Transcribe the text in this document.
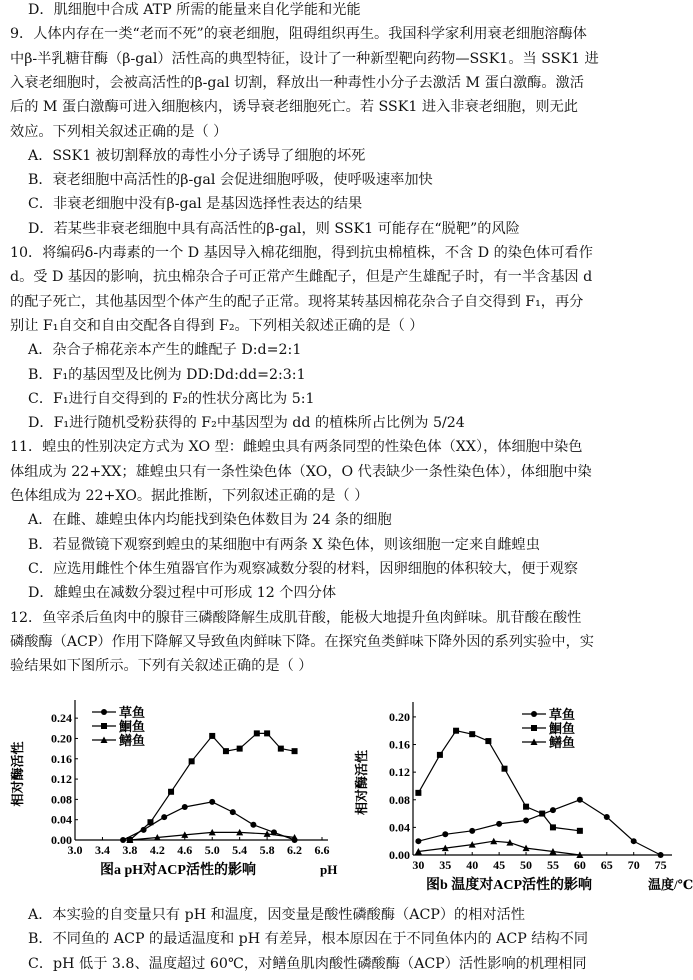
D．肌细胞中合成 ATP 所需的能量来自化学能和光能
9．人体内存在一类“老而不死”的衰老细胞，阻碍组织再生。我国科学家利用衰老细胞溶酶体
中β-半乳糖苷酶（β-gal）活性高的典型特征，设计了一种新型靶向药物—SSK1。当 SSK1 进
入衰老细胞时，会被高活性的β-gal 切割，释放出一种毒性小分子去激活 M 蛋白激酶。激活
后的 M 蛋白激酶可进入细胞核内，诱导衰老细胞死亡。若 SSK1 进入非衰老细胞，则无此
效应。下列相关叙述正确的是（ ）
A．SSK1 被切割释放的毒性小分子诱导了细胞的坏死
B．衰老细胞中高活性的β-gal 会促进细胞呼吸，使呼吸速率加快
C．非衰老细胞中没有β-gal 是基因选择性表达的结果
D．若某些非衰老细胞中具有高活性的β-gal，则 SSK1 可能存在“脱靶”的风险
10．将编码δ-内毒素的一个 D 基因导入棉花细胞，得到抗虫棉植株，不含 D 的染色体可看作
d。受 D 基因的影响，抗虫棉杂合子可正常产生雌配子，但是产生雄配子时，有一半含基因 d
的配子死亡，其他基因型个体产生的配子正常。现将某转基因棉花杂合子自交得到 F₁，再分
别让 F₁自交和自由交配各自得到 F₂。下列相关叙述正确的是（ ）
A．杂合子棉花亲本产生的雌配子 D:d=2:1
B．F₁的基因型及比例为 DD:Dd:dd=2:3:1
C．F₁进行自交得到的 F₂的性状分离比为 5:1
D．F₁进行随机受粉获得的 F₂中基因型为 dd 的植株所占比例为 5/24
11．蝗虫的性别决定方式为 XO 型：雌蝗虫具有两条同型的性染色体（XX），体细胞中染色
体组成为 22+XX；雄蝗虫只有一条性染色体（XO，O 代表缺少一条性染色体），体细胞中染
色体组成为 22+XO。据此推断，下列叙述正确的是（ ）
A．在雌、雄蝗虫体内均能找到染色体数目为 24 条的细胞
B．若显微镜下观察到蝗虫的某细胞中有两条 X 染色体，则该细胞一定来自雌蝗虫
C．应选用雌性个体生殖器官作为观察减数分裂的材料，因卵细胞的体积较大，便于观察
D．雄蝗虫在减数分裂过程中可形成 12 个四分体
12．鱼宰杀后鱼肉中的腺苷三磷酸降解生成肌苷酸，能极大地提升鱼肉鲜味。肌苷酸在酸性
磷酸酶（ACP）作用下降解又导致鱼肉鲜味下降。在探究鱼类鲜味下降外因的系列实验中，实
验结果如下图所示。下列有关叙述正确的是（ ）
3.0 3.4 3.8 4.2 4.6 5.0 5.4 5.8 6.2 6.6
0.00
0.04
0.08
0.12
0.16
0.20
0.24
相对酶活性
pH
图a pH对ACP活性的影响
草鱼
鮰鱼
鳝鱼
30 35 40 45 50 55 60 65 70 75
0.00
0.04
0.08
0.12
0.16
0.20
相对酶活性
温度/℃
图b 温度对ACP活性的影响
草鱼
鮰鱼
鳝鱼
A．本实验的自变量只有 pH 和温度，因变量是酸性磷酸酶（ACP）的相对活性
B．不同鱼的 ACP 的最适温度和 pH 有差异，根本原因在于不同鱼体内的 ACP 结构不同
C．pH 低于 3.8、温度超过 60℃，对鳝鱼肌肉酸性磷酸酶（ACP）活性影响的机理相同
